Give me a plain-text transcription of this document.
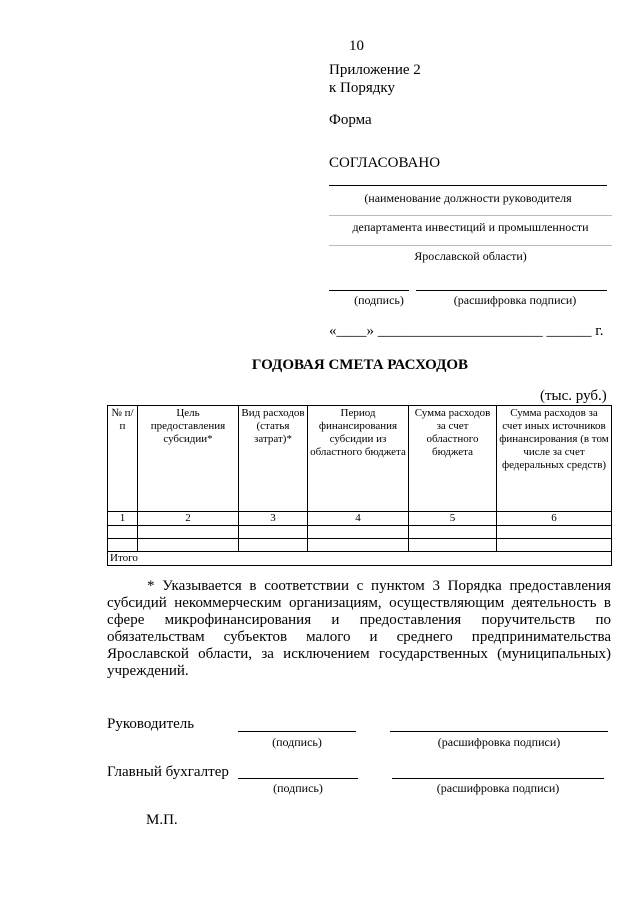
10
Приложение 2
к Порядку
Форма
СОГЛАСОВАНО
(наименование должности руководителя
департамента инвестиций и промышленности
Ярославской области)
(подпись)	(расшифровка подписи)
«____» ______________________ ______ г.
ГОДОВАЯ СМЕТА РАСХОДОВ
(тыс. руб.)
№ п/п	Цель предоставления субсидии*	Вид расходов (статья затрат)*	Период финансирования субсидии из областного бюджета	Сумма расходов за счет областного бюджета	Сумма расходов за счет иных источников финансирования (в том числе за счет федеральных средств)
1	2	3	4	5	6

Итого					
* Указывается в соответствии с пунктом 3 Порядка предоставления субсидий некоммерческим организациям, осуществляющим деятельность в сфере микрофинансирования и предоставления поручительств по обязательствам субъектов малого и среднего предпринимательства Ярославской области, за исключением государственных (муниципальных) учреждений.
Руководитель
(подпись)	(расшифровка подписи)
Главный бухгалтер
(подпись)	(расшифровка подписи)
М.П.
